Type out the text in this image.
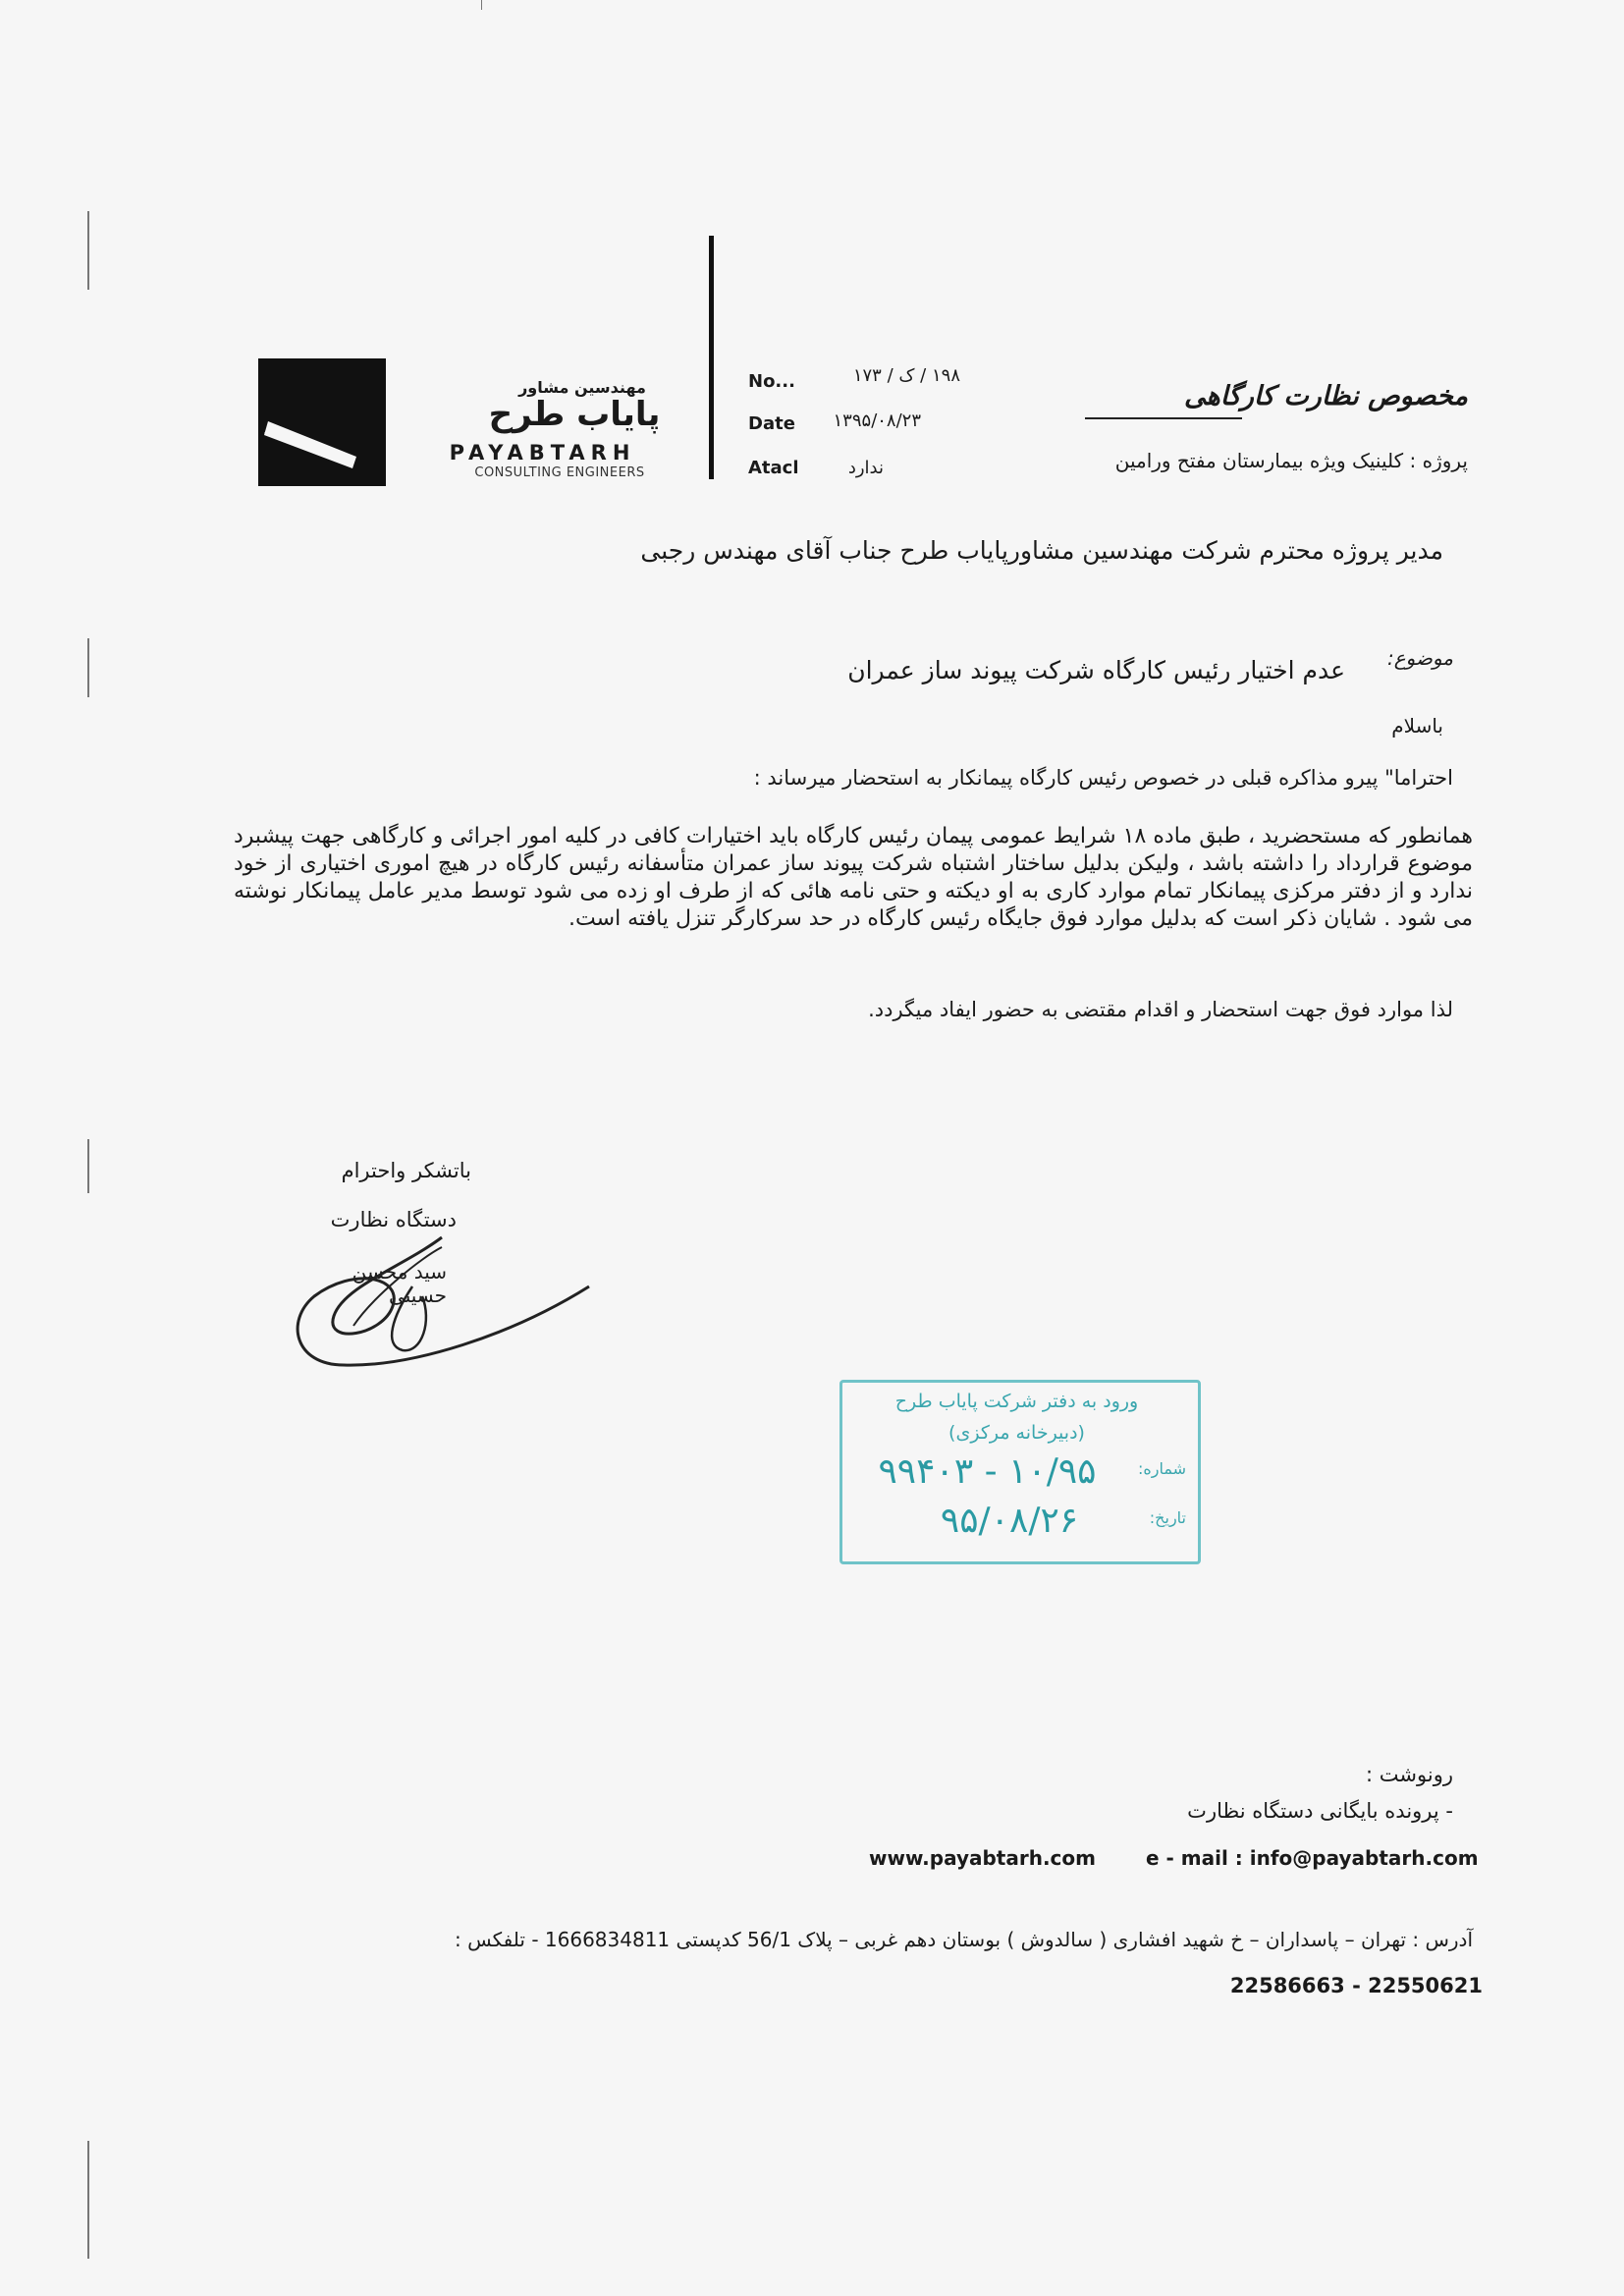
مهندسین مشاور
پایاب طرح
PAYABTARH
CONSULTING ENGINEERS
No...	۱۹۸ / ک / ۱۷۳
Date	۱۳۹۵/۰۸/۲۳
Atacl	ندارد
مخصوص نظارت کارگاهی
پروژه : کلینیک ویژه بیمارستان مفتح ورامین
مدیر پروژه محترم شرکت مهندسین مشاورپایاب طرح جناب آقای مهندس رجبی
موضوع:
عدم اختیار رئیس کارگاه شرکت پیوند ساز عمران
باسلام
احتراما" پیرو مذاکره قبلی در خصوص رئیس کارگاه پیمانکار به استحضار میرساند :
همانطور که مستحضرید ، طبق ماده ۱۸ شرایط عمومی پیمان رئیس کارگاه باید اختیارات کافی در کلیه امور اجرائی و کارگاهی جهت پیشبرد موضوع قرارداد را داشته باشد ، ولیکن بدلیل ساختار اشتباه شرکت پیوند ساز عمران متأسفانه رئیس کارگاه در هیچ اموری اختیاری از خود ندارد و از دفتر مرکزی پیمانکار تمام موارد کاری به او دیکته و حتی نامه هائی که از طرف او زده می شود توسط مدیر عامل پیمانکار نوشته می شود . شایان ذکر است که بدلیل موارد فوق جایگاه رئیس کارگاه در حد سرکارگر تنزل یافته است.
لذا موارد فوق جهت استحضار و اقدام مقتضی به حضور ایفاد میگردد.
باتشکر واحترام
دستگاه نظارت
سید محسن حسینی
ورود به دفتر شرکت پایاب طرح
(دبیرخانه مرکزی)
شماره:
۱۰/۹۵ - ۹۹۴۰۳
تاریخ:
۹۵/۰۸/۲۶
رونوشت :
- پرونده بایگانی دستگاه نظارت
www.payabtarh.com	e - mail : info@payabtarh.com
آدرس : تهران – پاسداران – خ شهید افشاری ( سالدوش ) بوستان دهم غربی – پلاک 56/1 کدپستی 1666834811 - تلفکس :
22586663 - 22550621
